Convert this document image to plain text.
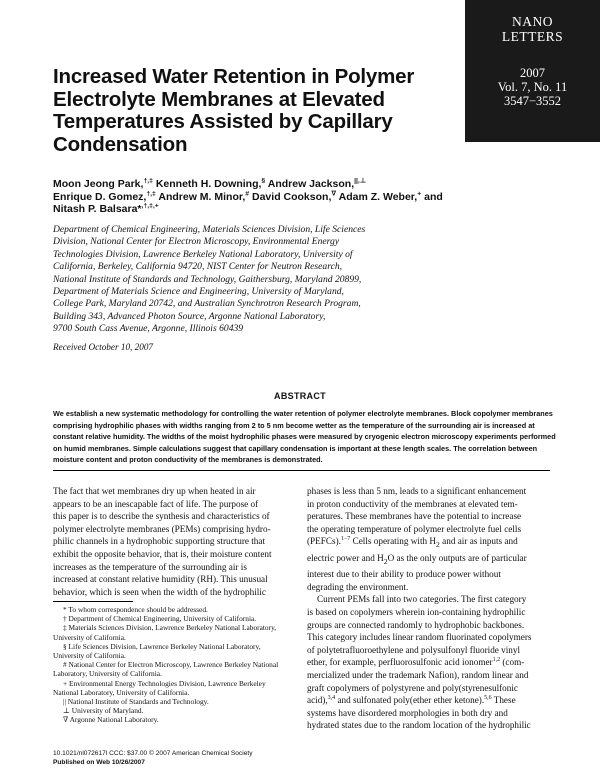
NANO
LETTERS
2007
Vol. 7, No. 11
3547−3552
Increased Water Retention in Polymer
Electrolyte Membranes at Elevated
Temperatures Assisted by Capillary
Condensation
Moon Jeong Park,†,‡ Kenneth H. Downing,§ Andrew Jackson,||,⊥
Enrique D. Gomez,†,‡ Andrew M. Minor,# David Cookson,∇ Adam Z. Weber,+ and
Nitash P. Balsara*,†,‡,+
Department of Chemical Engineering, Materials Sciences Division, Life Sciences
Division, National Center for Electron Microscopy, Environmental Energy
Technologies Division, Lawrence Berkeley National Laboratory, University of
California, Berkeley, California 94720, NIST Center for Neutron Research,
National Institute of Standards and Technology, Gaithersburg, Maryland 20899,
Department of Materials Science and Engineering, University of Maryland,
College Park, Maryland 20742, and Australian Synchrotron Research Program,
Building 343, Advanced Photon Source, Argonne National Laboratory,
9700 South Cass Avenue, Argonne, Illinois 60439
Received October 10, 2007
ABSTRACT
We establish a new systematic methodology for controlling the water retention of polymer electrolyte membranes. Block copolymer membranes
comprising hydrophilic phases with widths ranging from 2 to 5 nm become wetter as the temperature of the surrounding air is increased at
constant relative humidity. The widths of the moist hydrophilic phases were measured by cryogenic electron microscopy experiments performed
on humid membranes. Simple calculations suggest that capillary condensation is important at these length scales. The correlation between
moisture content and proton conductivity of the membranes is demonstrated.
The fact that wet membranes dry up when heated in air
appears to be an inescapable fact of life. The purpose of
this paper is to describe the synthesis and characteristics of
polymer electrolyte membranes (PEMs) comprising hydro-
philic channels in a hydrophobic supporting structure that
exhibit the opposite behavior, that is, their moisture content
increases as the temperature of the surrounding air is
increased at constant relative humidity (RH). This unusual
behavior, which is seen when the width of the hydrophilic
phases is less than 5 nm, leads to a significant enhancement
in proton conductivity of the membranes at elevated tem-
peratures. These membranes have the potential to increase
the operating temperature of polymer electrolyte fuel cells
(PEFCs).$^{1-7}$ Cells operating with $H_2$ and air as inputs and
electric power and $H_2O$ as the only outputs are of particular
interest due to their ability to produce power without
degrading the environment.
Current PEMs fall into two categories. The first category
is based on copolymers wherein ion-containing hydrophilic
groups are connected randomly to hydrophobic backbones.
This category includes linear random fluorinated copolymers
of polytetrafluoroethylene and polysulfonyl fluoride vinyl
ether, for example, perfluorosulfonic acid ionomer$^{1,2}$ (com-
mercialized under the trademark Nafion), random linear and
graft copolymers of polystyrene and poly(styrenesulfonic
acid),$^{3,4}$ and sulfonated poly(ether ether ketone).$^{5,6}$ These
systems have disordered morphologies in both dry and
hydrated states due to the random location of the hydrophilic
* To whom correspondence should be addressed.
† Department of Chemical Engineering, University of California.
‡ Materials Sciences Division, Lawrence Berkeley National Laboratory,
University of California.
§ Life Sciences Division, Lawrence Berkeley National Laboratory,
University of California.
# National Center for Electron Microscopy, Lawrence Berkeley National
Laboratory, University of California.
+ Environmental Energy Technologies Division, Lawrence Berkeley
National Laboratory, University of California.
|| National Institute of Standards and Technology.
⊥ University of Maryland.
∇ Argonne National Laboratory.
10.1021/nl072617l CCC: $37.00 © 2007 American Chemical Society
Published on Web 10/26/2007
